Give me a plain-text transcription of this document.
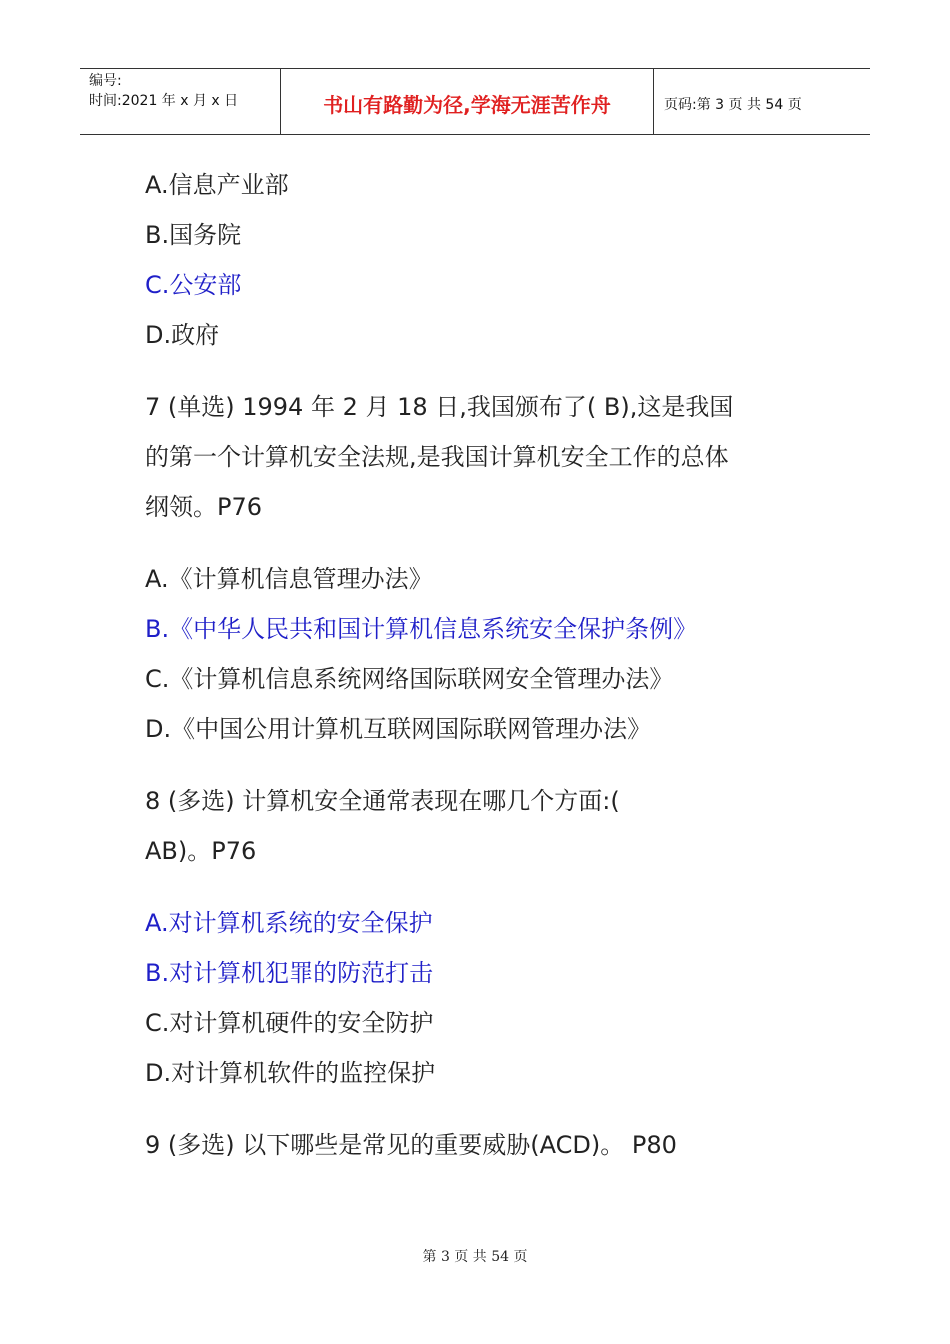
编号:
时间:2021 年 x 月 x 日	书山有路勤为径,学海无涯苦作舟	页码:第 3 页 共 54 页
A.信息产业部
B.国务院
C.公安部
D.政府
7 (单选) 1994 年 2 月 18 日,我国颁布了( B),这是我国
的第一个计算机安全法规,是我国计算机安全工作的总体
纲领。P76
A.《计算机信息管理办法》
B.《中华人民共和国计算机信息系统安全保护条例》
C.《计算机信息系统网络国际联网安全管理办法》
D.《中国公用计算机互联网国际联网管理办法》
8 (多选) 计算机安全通常表现在哪几个方面:(
AB)。P76
A.对计算机系统的安全保护
B.对计算机犯罪的防范打击
C.对计算机硬件的安全防护
D.对计算机软件的监控保护
9 (多选) 以下哪些是常见的重要威胁(ACD)。 P80
第 3 页 共 54 页
